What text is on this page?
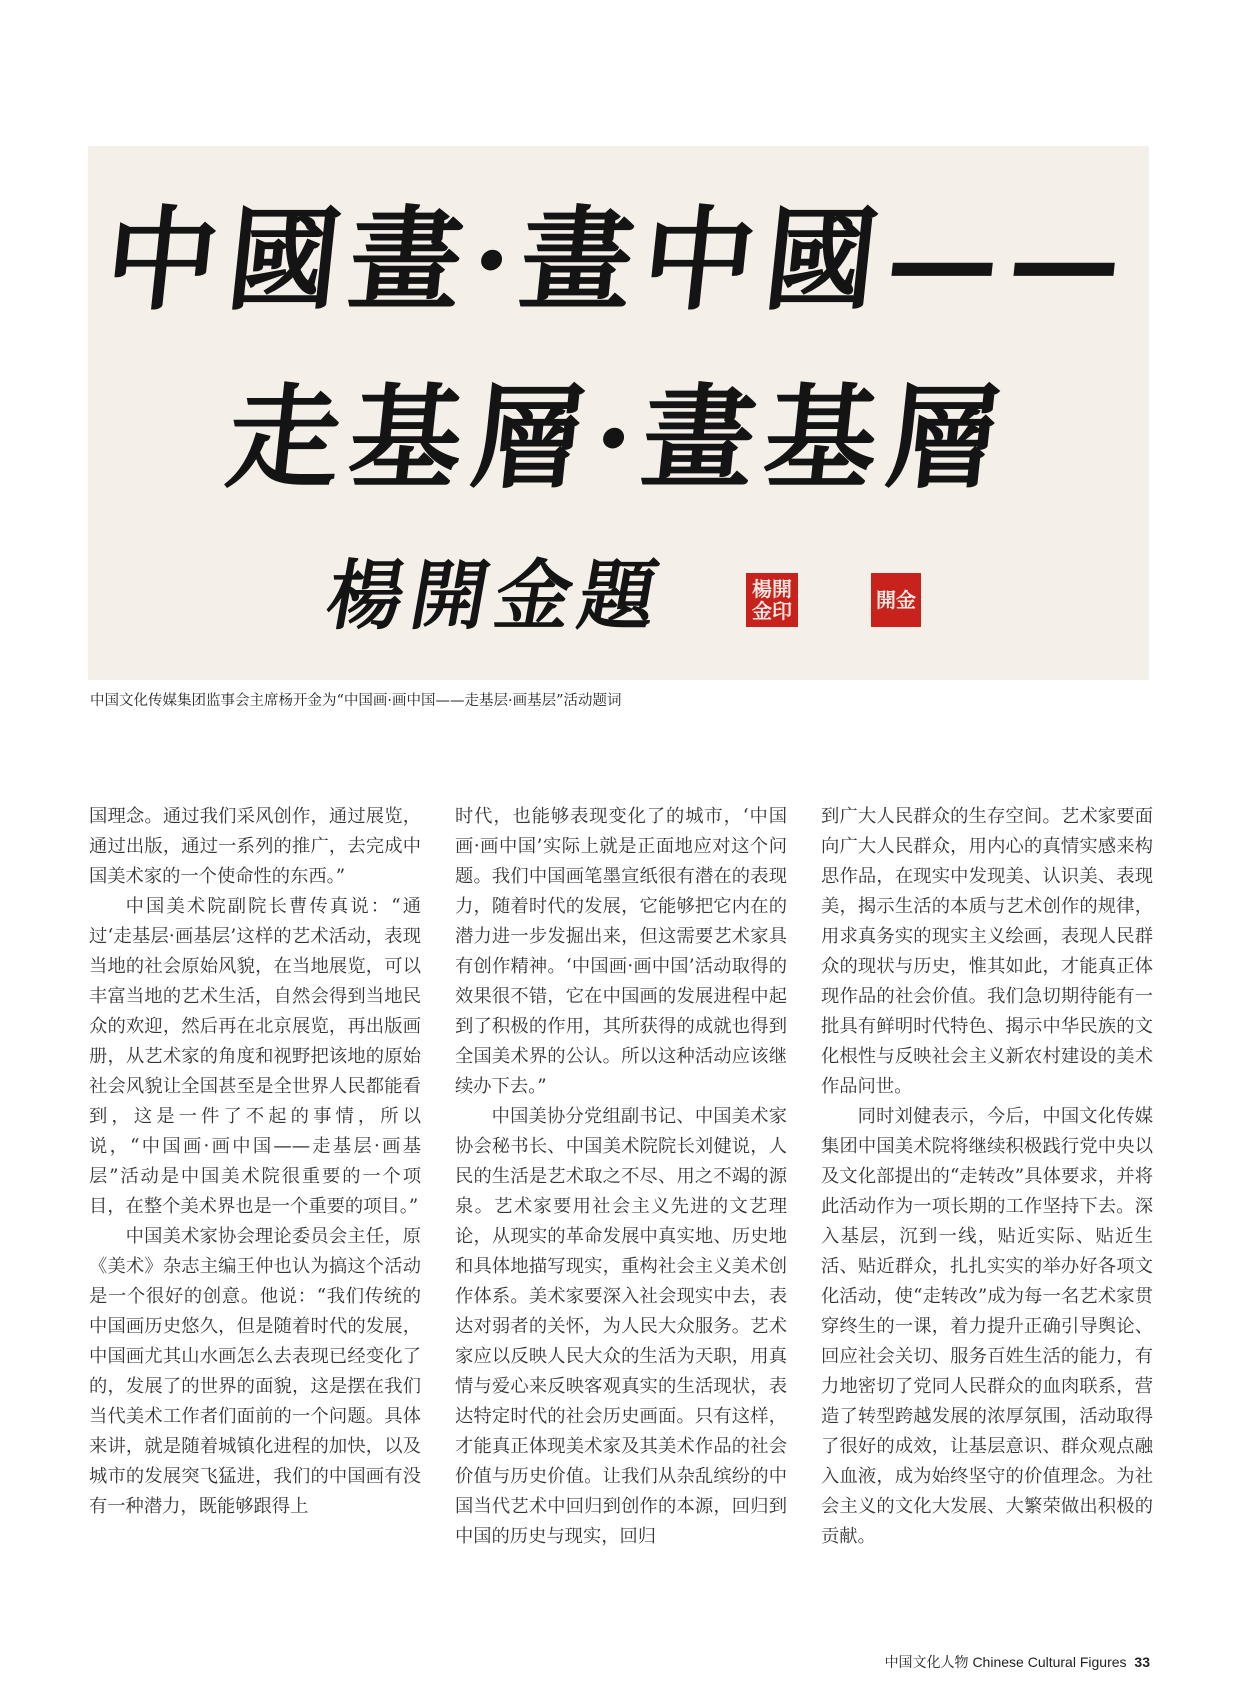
中國畫·畫中國——
走基層·畫基層
楊開金題	楊開金印	開金
中国文化传媒集团监事会主席杨开金为“中国画·画中国——走基层·画基层”活动题词

国理念。通过我们采风创作，通过展览，通过出版，通过一系列的推广，去完成中国美术家的一个使命性的东西。”

中国美术院副院长曹传真说：“通过‘走基层·画基层’这样的艺术活动，表现当地的社会原始风貌，在当地展览，可以丰富当地的艺术生活，自然会得到当地民众的欢迎，然后再在北京展览，再出版画册，从艺术家的角度和视野把该地的原始社会风貌让全国甚至是全世界人民都能看到，这是一件了不起的事情，所以说，“中国画·画中国——走基层·画基层”活动是中国美术院很重要的一个项目，在整个美术界也是一个重要的项目。”

中国美术家协会理论委员会主任，原《美术》杂志主编王仲也认为搞这个活动是一个很好的创意。他说：“我们传统的中国画历史悠久，但是随着时代的发展，中国画尤其山水画怎么去表现已经变化了的，发展了的世界的面貌，这是摆在我们当代美术工作者们面前的一个问题。具体来讲，就是随着城镇化进程的加快，以及城市的发展突飞猛进，我们的中国画有没有一种潜力，既能够跟得上

时代，也能够表现变化了的城市，‘中国画·画中国’实际上就是正面地应对这个问题。我们中国画笔墨宣纸很有潜在的表现力，随着时代的发展，它能够把它内在的潜力进一步发掘出来，但这需要艺术家具有创作精神。‘中国画·画中国’活动取得的效果很不错，它在中国画的发展进程中起到了积极的作用，其所获得的成就也得到全国美术界的公认。所以这种活动应该继续办下去。”

中国美协分党组副书记、中国美术家协会秘书长、中国美术院院长刘健说，人民的生活是艺术取之不尽、用之不竭的源泉。艺术家要用社会主义先进的文艺理论，从现实的革命发展中真实地、历史地和具体地描写现实，重构社会主义美术创作体系。美术家要深入社会现实中去，表达对弱者的关怀，为人民大众服务。艺术家应以反映人民大众的生活为天职，用真情与爱心来反映客观真实的生活现状，表达特定时代的社会历史画面。只有这样，才能真正体现美术家及其美术作品的社会价值与历史价值。让我们从杂乱缤纷的中国当代艺术中回归到创作的本源，回归到中国的历史与现实，回归

到广大人民群众的生存空间。艺术家要面向广大人民群众，用内心的真情实感来构思作品，在现实中发现美、认识美、表现美，揭示生活的本质与艺术创作的规律，用求真务实的现实主义绘画，表现人民群众的现状与历史，惟其如此，才能真正体现作品的社会价值。我们急切期待能有一批具有鲜明时代特色、揭示中华民族的文化根性与反映社会主义新农村建设的美术作品问世。

同时刘健表示，今后，中国文化传媒集团中国美术院将继续积极践行党中央以及文化部提出的“走转改”具体要求，并将此活动作为一项长期的工作坚持下去。深入基层，沉到一线，贴近实际、贴近生活、贴近群众，扎扎实实的举办好各项文化活动，使“走转改”成为每一名艺术家贯穿终生的一课，着力提升正确引导舆论、回应社会关切、服务百姓生活的能力，有力地密切了党同人民群众的血肉联系，营造了转型跨越发展的浓厚氛围，活动取得了很好的成效，让基层意识、群众观点融入血液，成为始终坚守的价值理念。为社会主义的文化大发展、大繁荣做出积极的贡献。

中国文化人物 Chinese Cultural Figures 33
